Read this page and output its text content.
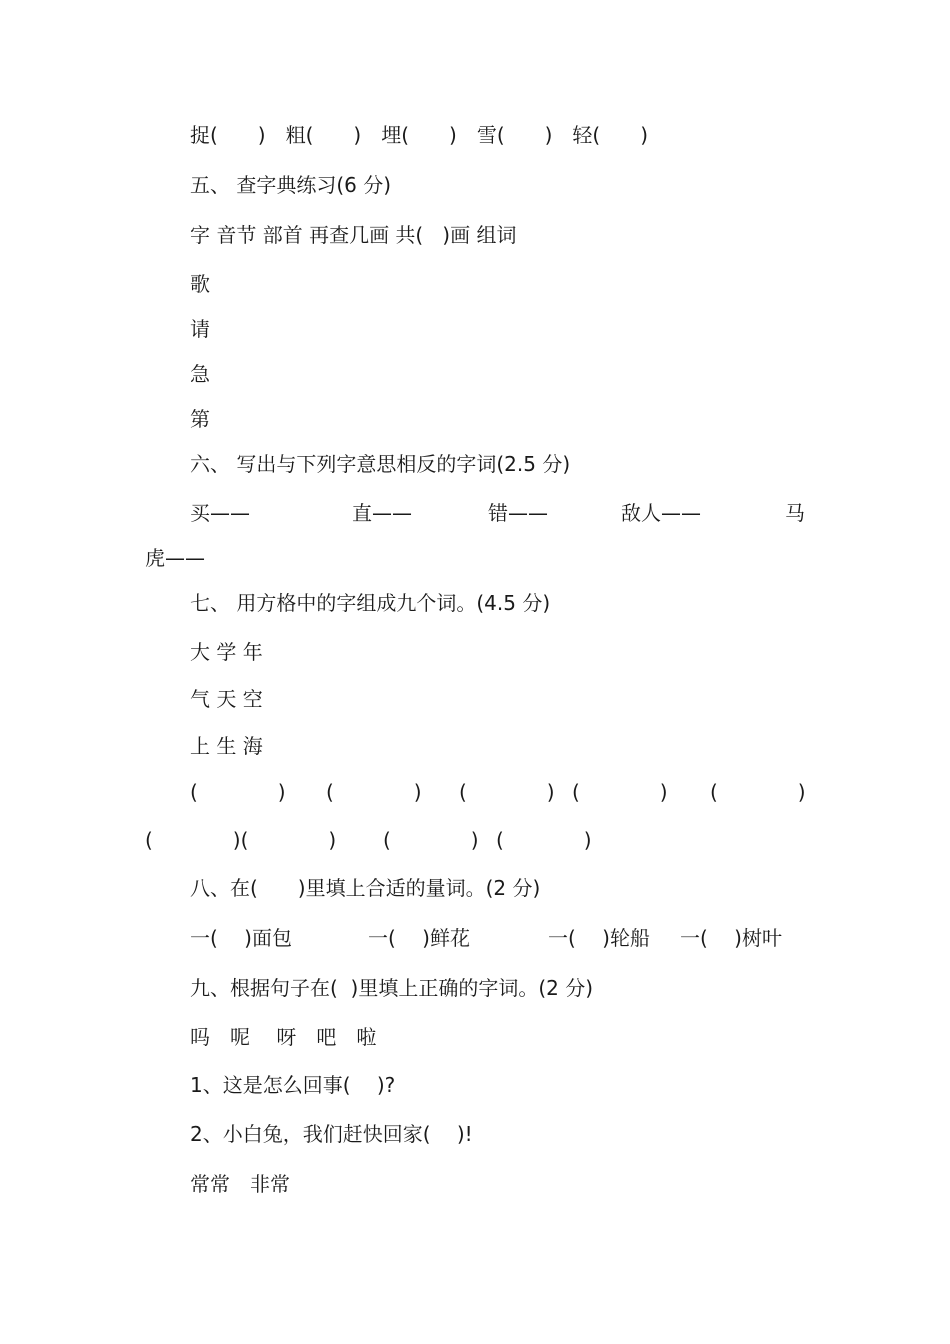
捉(　　)　粗(　　)　埋(　　)　雪(　　)　轻(　　)
五、 查字典练习(6 分)
字 音节 部首 再查几画 共(   )画 组词
歌
请
急
第
六、 写出与下列字意思相反的字词(2.5 分)
买——	直——	错——	敌人——	马
虎——
七、 用方格中的字组成九个词。(4.5 分)
大 学 年
气 天 空
上 生 海
(　　　　) (　　　　) (　　　　) (　　　　) (　　　　)
(　　　　)(　　　　) (　　　　) (　　　　)
八、在(　　)里填上合适的量词。(2 分)
一(　 )面包	一(　 )鲜花	一(　 )轮船 一(　 )树叶
九、根据句子在(  )里填上正确的字词。(2 分)
吗　呢　 呀　吧　啦
1、这是怎么回事(　 )?
2、小白兔，我们赶快回家(　 )!
常常　非常
